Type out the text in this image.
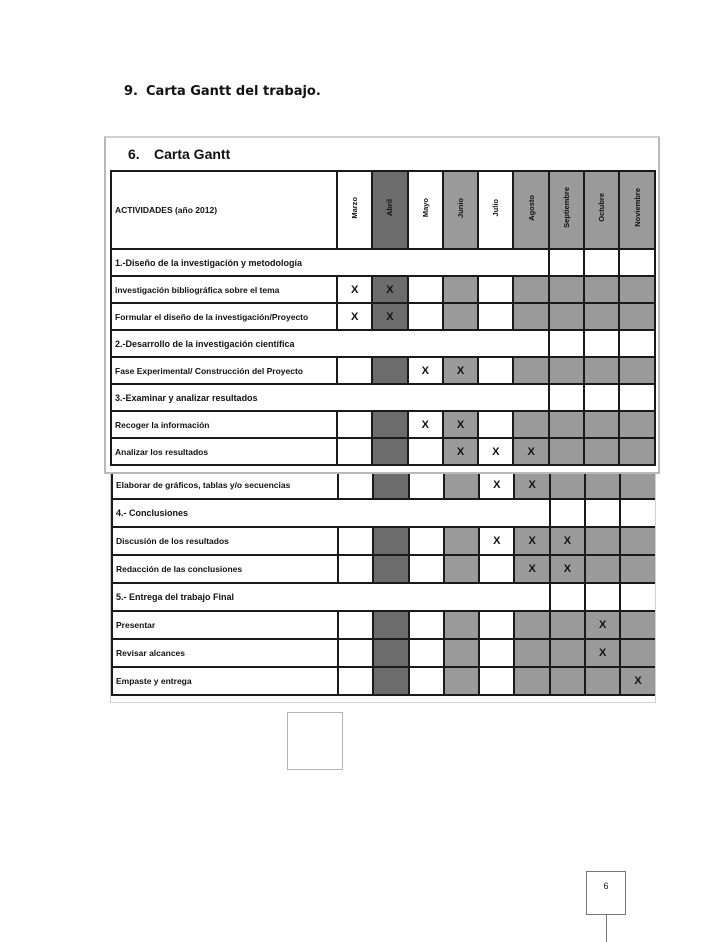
9. Carta Gantt del trabajo.
Elaborar de gráficos, tablas y/o secuencias					X	X			
4.- Conclusiones									
Discusión de los resultados					X	X	X		
Redacción de las conclusiones						X	X		
5.- Entrega del trabajo Final									
Presentar								X	
Revisar alcances								X	
Empaste y entrega									X
6. Carta Gantt
ACTIVIDADES (año 2012)	Marzo	Abril	Mayo	Junio	Julio	Agosto	Septiembre	Octubre	Noviembre
1.-Diseño de la investigación y metodología									
Investigación bibliográfica sobre el tema	X	X							
Formular el diseño de la investigación/Proyecto	X	X							
2.-Desarrollo de la investigación científica									
Fase Experimental/ Construcción del Proyecto			X	X					
3.-Examinar y analizar resultados									
Recoger la información			X	X					
Analizar los resultados				X	X	X			
6
